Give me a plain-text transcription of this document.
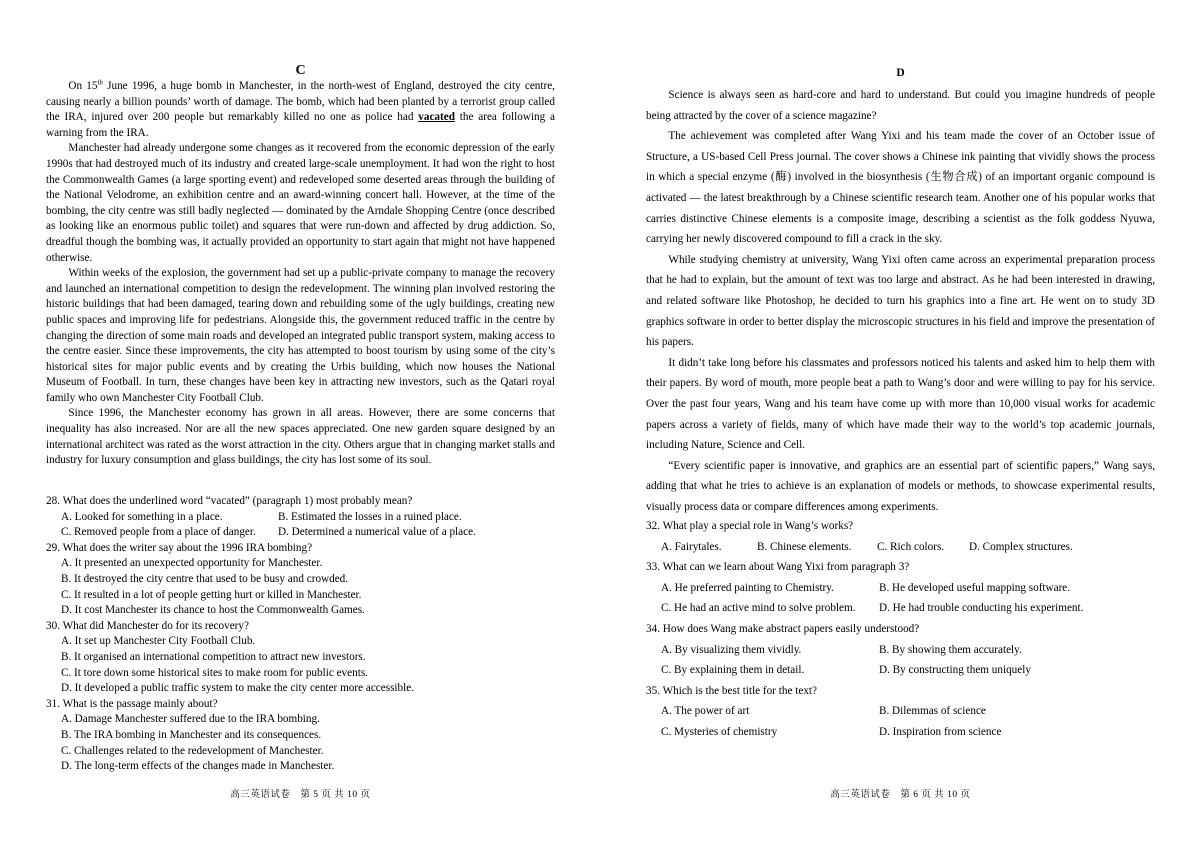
C

On 15th June 1996, a huge bomb in Manchester, in the north-west of England, destroyed the city centre, causing nearly a billion pounds’ worth of damage. The bomb, which had been planted by a terrorist group called the IRA, injured over 200 people but remarkably killed no one as police had vacated the area following a warning from the IRA.

Manchester had already undergone some changes as it recovered from the economic depression of the early 1990s that had destroyed much of its industry and created large-scale unemployment. It had won the right to host the Commonwealth Games (a large sporting event) and redeveloped some deserted areas through the building of the National Velodrome, an exhibition centre and an award-winning concert hall. However, at the time of the bombing, the city centre was still badly neglected — dominated by the Arndale Shopping Centre (once described as looking like an enormous public toilet) and squares that were run-down and affected by drug addiction. So, dreadful though the bombing was, it actually provided an opportunity to start again that might not have happened otherwise.

Within weeks of the explosion, the government had set up a public-private company to manage the recovery and launched an international competition to design the redevelopment. The winning plan involved restoring the historic buildings that had been damaged, tearing down and rebuilding some of the ugly buildings, creating new public spaces and improving life for pedestrians. Alongside this, the government reduced traffic in the centre by changing the direction of some main roads and developed an integrated public transport system, making access to the centre easier. Since these improvements, the city has attempted to boost tourism by using some of the city’s historical sites for major public events and by creating the Urbis building, which now houses the National Museum of Football. In turn, these changes have been key in attracting new investors, such as the Qatari royal family who own Manchester City Football Club.

Since 1996, the Manchester economy has grown in all areas. However, there are some concerns that inequality has also increased. Nor are all the new spaces appreciated. One new garden square designed by an international architect was rated as the worst attraction in the city. Others argue that in changing market stalls and industry for luxury consumption and glass buildings, the city has lost some of its soul.

28. What does the underlined word “vacated” (paragraph 1) most probably mean?

A. Looked for something in a place.	B. Estimated the losses in a ruined place.
C. Removed people from a place of danger.	D. Determined a numerical value of a place.

29. What does the writer say about the 1996 IRA bombing?

A. It presented an unexpected opportunity for Manchester.
B. It destroyed the city centre that used to be busy and crowded.
C. It resulted in a lot of people getting hurt or killed in Manchester.
D. It cost Manchester its chance to host the Commonwealth Games.

30. What did Manchester do for its recovery?

A. It set up Manchester City Football Club.
B. It organised an international competition to attract new investors.
C. It tore down some historical sites to make room for public events.
D. It developed a public traffic system to make the city center more accessible.

31. What is the passage mainly about?

A. Damage Manchester suffered due to the IRA bombing.
B. The IRA bombing in Manchester and its consequences.
C. Challenges related to the redevelopment of Manchester.
D. The long-term effects of the changes made in Manchester.
高三英语试卷　第 5 页 共 10 页
D

Science is always seen as hard-core and hard to understand. But could you imagine hundreds of people being attracted by the cover of a science magazine?

The achievement was completed after Wang Yixi and his team made the cover of an October issue of Structure, a US-based Cell Press journal. The cover shows a Chinese ink painting that vividly shows the process in which a special enzyme (酶) involved in the biosynthesis (生物合成) of an important organic compound is activated — the latest breakthrough by a Chinese scientific research team. Another one of his popular works that carries distinctive Chinese elements is a composite image, describing a scientist as the folk goddess Nyuwa, carrying her newly discovered compound to fill a crack in the sky.

While studying chemistry at university, Wang Yixi often came across an experimental preparation process that he had to explain, but the amount of text was too large and abstract. As he had been interested in drawing, and related software like Photoshop, he decided to turn his graphics into a fine art. He went on to study 3D graphics software in order to better display the microscopic structures in his field and improve the presentation of his papers.

It didn’t take long before his classmates and professors noticed his talents and asked him to help them with their papers. By word of mouth, more people beat a path to Wang’s door and were willing to pay for his service. Over the past four years, Wang and his team have come up with more than 10,000 visual works for academic papers across a variety of fields, many of which have made their way to the world’s top academic journals, including Nature, Science and Cell.

“Every scientific paper is innovative, and graphics are an essential part of scientific papers,” Wang says, adding that what he tries to achieve is an explanation of models or methods, to showcase experimental results, visually process data or compare differences among experiments.

32. What play a special role in Wang’s works?

A. Fairytales.	B. Chinese elements.	C. Rich colors.	D. Complex structures.

33. What can we learn about Wang Yixi from paragraph 3?

A. He preferred painting to Chemistry.	B. He developed useful mapping software.
C. He had an active mind to solve problem.	D. He had trouble conducting his experiment.

34. How does Wang make abstract papers easily understood?

A. By visualizing them vividly.	B. By showing them accurately.
C. By explaining them in detail.	D. By constructing them uniquely

35. Which is the best title for the text?

A. The power of art	B. Dilemmas of science
C. Mysteries of chemistry	D. Inspiration from science
高三英语试卷　第 6 页 共 10 页
